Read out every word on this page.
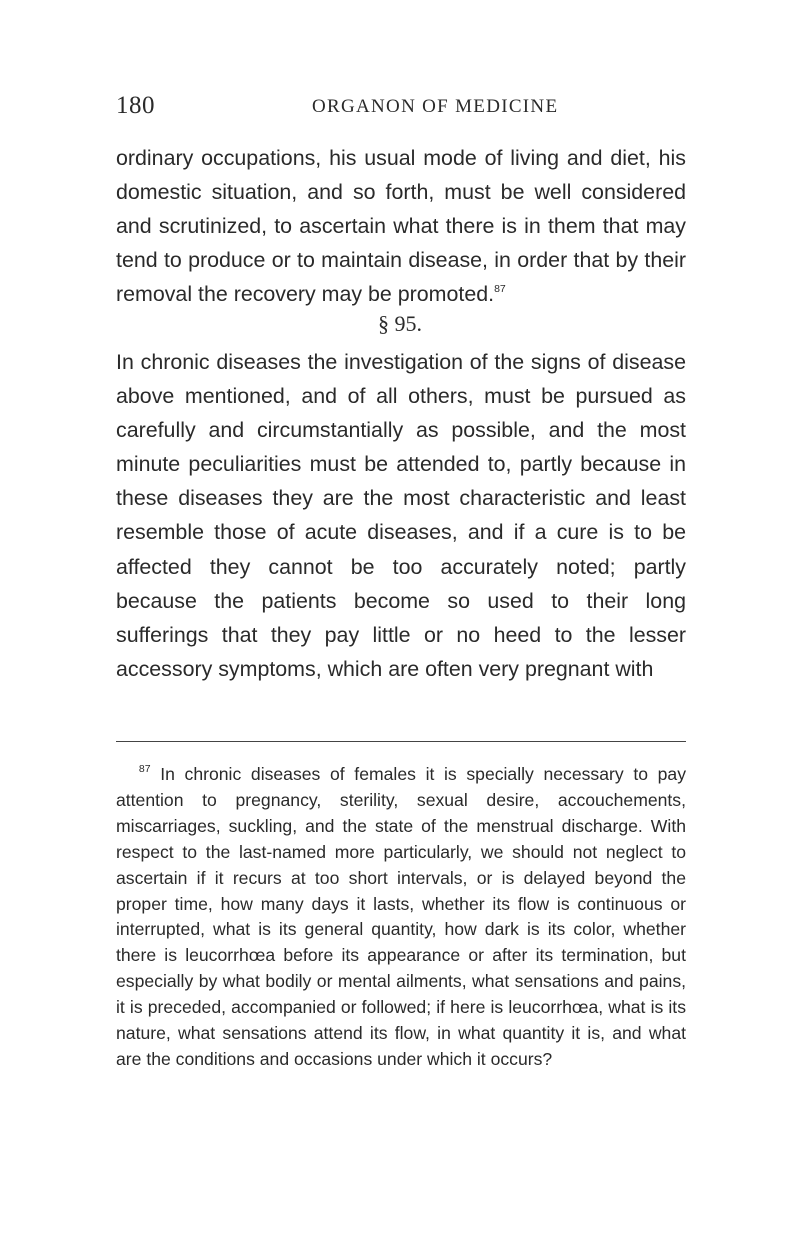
180	ORGANON OF MEDICINE

ordinary occupations, his usual mode of living and diet, his domestic situation, and so forth, must be well considered and scrutinized, to ascertain what there is in them that may tend to produce or to maintain disease, in order that by their removal the recovery may be promoted.$^{87}$

§ 95.

In chronic diseases the investigation of the signs of disease above mentioned, and of all others, must be pursued as carefully and circumstantially as possible, and the most minute peculiarities must be attended to, partly because in these diseases they are the most characteristic and least resemble those of acute diseases, and if a cure is to be affected they cannot be too accurately noted; partly because the patients become so used to their long sufferings that they pay little or no heed to the lesser accessory symptoms, which are often very pregnant with

$^{87}$ In chronic diseases of females it is specially necessary to pay attention to pregnancy, sterility, sexual desire, accouchements, miscarriages, suckling, and the state of the menstrual discharge. With respect to the last-named more particularly, we should not neglect to ascertain if it recurs at too short intervals, or is delayed beyond the proper time, how many days it lasts, whether its flow is continuous or interrupted, what is its general quantity, how dark is its color, whether there is leucorrhœa before its appearance or after its termination, but especially by what bodily or mental ailments, what sensations and pains, it is preceded, accompanied or followed; if here is leucorrhœa, what is its nature, what sensations attend its flow, in what quantity it is, and what are the conditions and occasions under which it occurs?
